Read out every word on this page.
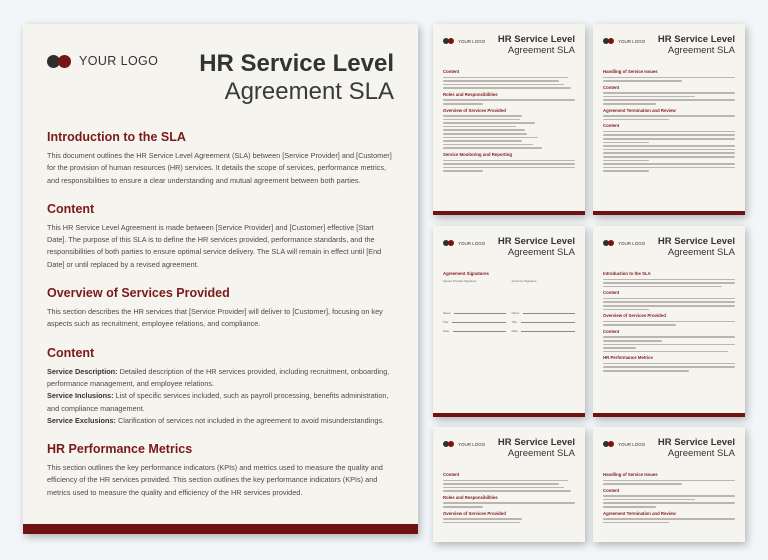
YOUR LOGO HR Service Level
Agreement SLA
Introduction to the SLA

This document outlines the HR Service Level Agreement (SLA) between [Service Provider] and [Customer] for the provision of human resources (HR) services. It details the scope of services, performance metrics, and responsibilities to ensure a clear understanding and mutual agreement between both parties.

Content

This HR Service Level Agreement is made between [Service Provider] and [Customer] effective [Start Date]. The purpose of this SLA is to define the HR services provided, performance standards, and the responsibilities of both parties to ensure optimal service delivery. The SLA will remain in effect until [End Date] or until replaced by a revised agreement.

Overview of Services Provided

This section describes the HR services that [Service Provider] will deliver to [Customer], focusing on key aspects such as recruitment, employee relations, and compliance.

Content
Service Description: Detailed description of the HR services provided, including recruitment, onboarding, performance management, and employee relations.
Service Inclusions: List of specific services included, such as payroll processing, benefits administration, and compliance management.
Service Exclusions: Clarification of services not included in the agreement to avoid misunderstandings.
HR Performance Metrics

This section outlines the key performance indicators (KPIs) and metrics used to measure the quality and efficiency of the HR services provided. This section outlines the key performance indicators (KPIs) and metrics used to measure the quality and efficiency of the HR services provided.

YOUR LOGO HR Service Level
Agreement SLA
Content
Roles and Responsibilities
Overview of Services Provided
Service Monitoring and Reporting
YOUR LOGO HR Service Level
Agreement SLA
Handling of Service Issues
Content
Agreement Termination and Review
Content
YOUR LOGO HR Service Level
Agreement SLA
Agreement Signatures
Service Provider Signature	Customer Signature
Name:	Name:
Title:	Title:
Date:	Date:
YOUR LOGO HR Service Level
Agreement SLA
Introduction to the SLA
Content
Overview of Services Provided
Content
HR Performance Metrics
YOUR LOGO HR Service Level
Agreement SLA
Content
Roles and Responsibilities
Overview of Services Provided
YOUR LOGO HR Service Level
Agreement SLA
Handling of Service Issues
Content
Agreement Termination and Review
